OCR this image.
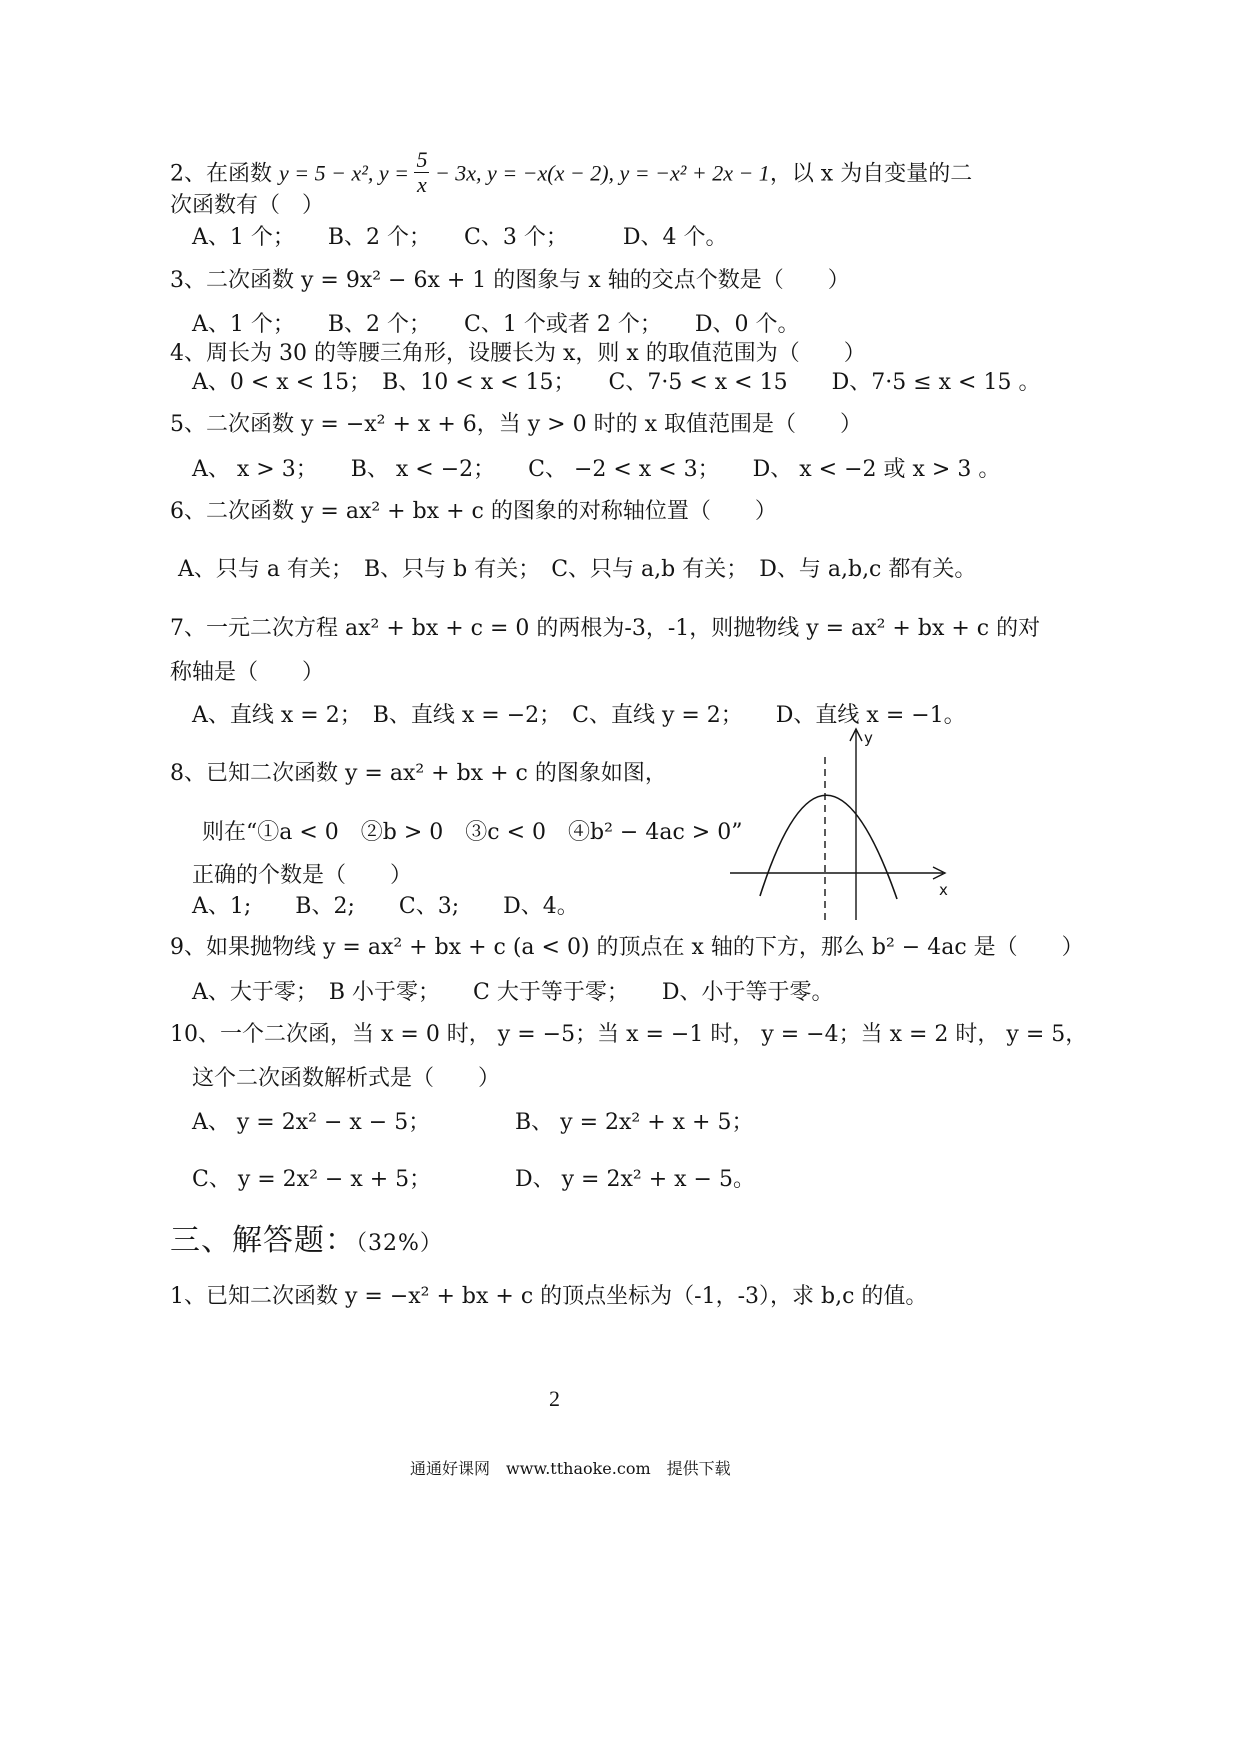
2、在函数 y = 5 − x², $y = \frac{5}{x} - 3x$, y = −x(x − 2), y = −x² + 2x − 1，以 x 为自变量的二
次函数有（　）
A、1 个；　　B、2 个；　　C、3 个；　　　D、4 个。
3、二次函数 y = 9x² − 6x + 1 的图象与 x 轴的交点个数是（　　）
A、1 个；　　B、2 个；　　C、1 个或者 2 个；　　D、0 个。
4、周长为 30 的等腰三角形，设腰长为 x，则 x 的取值范围为（　　）
A、0 < x < 15；　B、10 < x < 15；　　C、7·5 < x < 15　　D、7·5 ≤ x < 15 。
5、二次函数 y = −x² + x + 6，当 y > 0 时的 x 取值范围是（　　）
A、 x > 3；　　B、 x < −2；　　C、 −2 < x < 3；　　D、 x < −2 或 x > 3 。
6、二次函数 y = ax² + bx + c 的图象的对称轴位置（　　）
A、只与 a 有关；　B、只与 b 有关；　C、只与 a,b 有关；　D、与 a,b,c 都有关。
7、一元二次方程 ax² + bx + c = 0 的两根为-3，-1，则抛物线 y = ax² + bx + c 的对
称轴是（　　）
A、直线 x = 2；　B、直线 x = −2；　C、直线 y = 2；　　D、直线 x = −1。
8、已知二次函数 y = ax² + bx + c 的图象如图，
则在“①a < 0　②b > 0　③c < 0　④b² − 4ac > 0”
正确的个数是（　　）
A、1;　　B、2;　　C、3;　　D、4。
y
x
9、如果抛物线 y = ax² + bx + c (a < 0) 的顶点在 x 轴的下方，那么 b² − 4ac 是（　　）
A、大于零；　B 小于零；　　C 大于等于零；　　D、小于等于零。
10、一个二次函，当 x = 0 时， y = −5；当 x = −1 时， y = −4；当 x = 2 时， y = 5，
这个二次函数解析式是（　　）
A、 y = 2x² − x − 5；	B、 y = 2x² + x + 5；
C、 y = 2x² − x + 5；	D、 y = 2x² + x − 5。
三、解答题：（32%）
1、已知二次函数 y = −x² + bx + c 的顶点坐标为（-1，-3），求 b,c 的值。
2
通通好课网　www.tthaoke.com　提供下载
